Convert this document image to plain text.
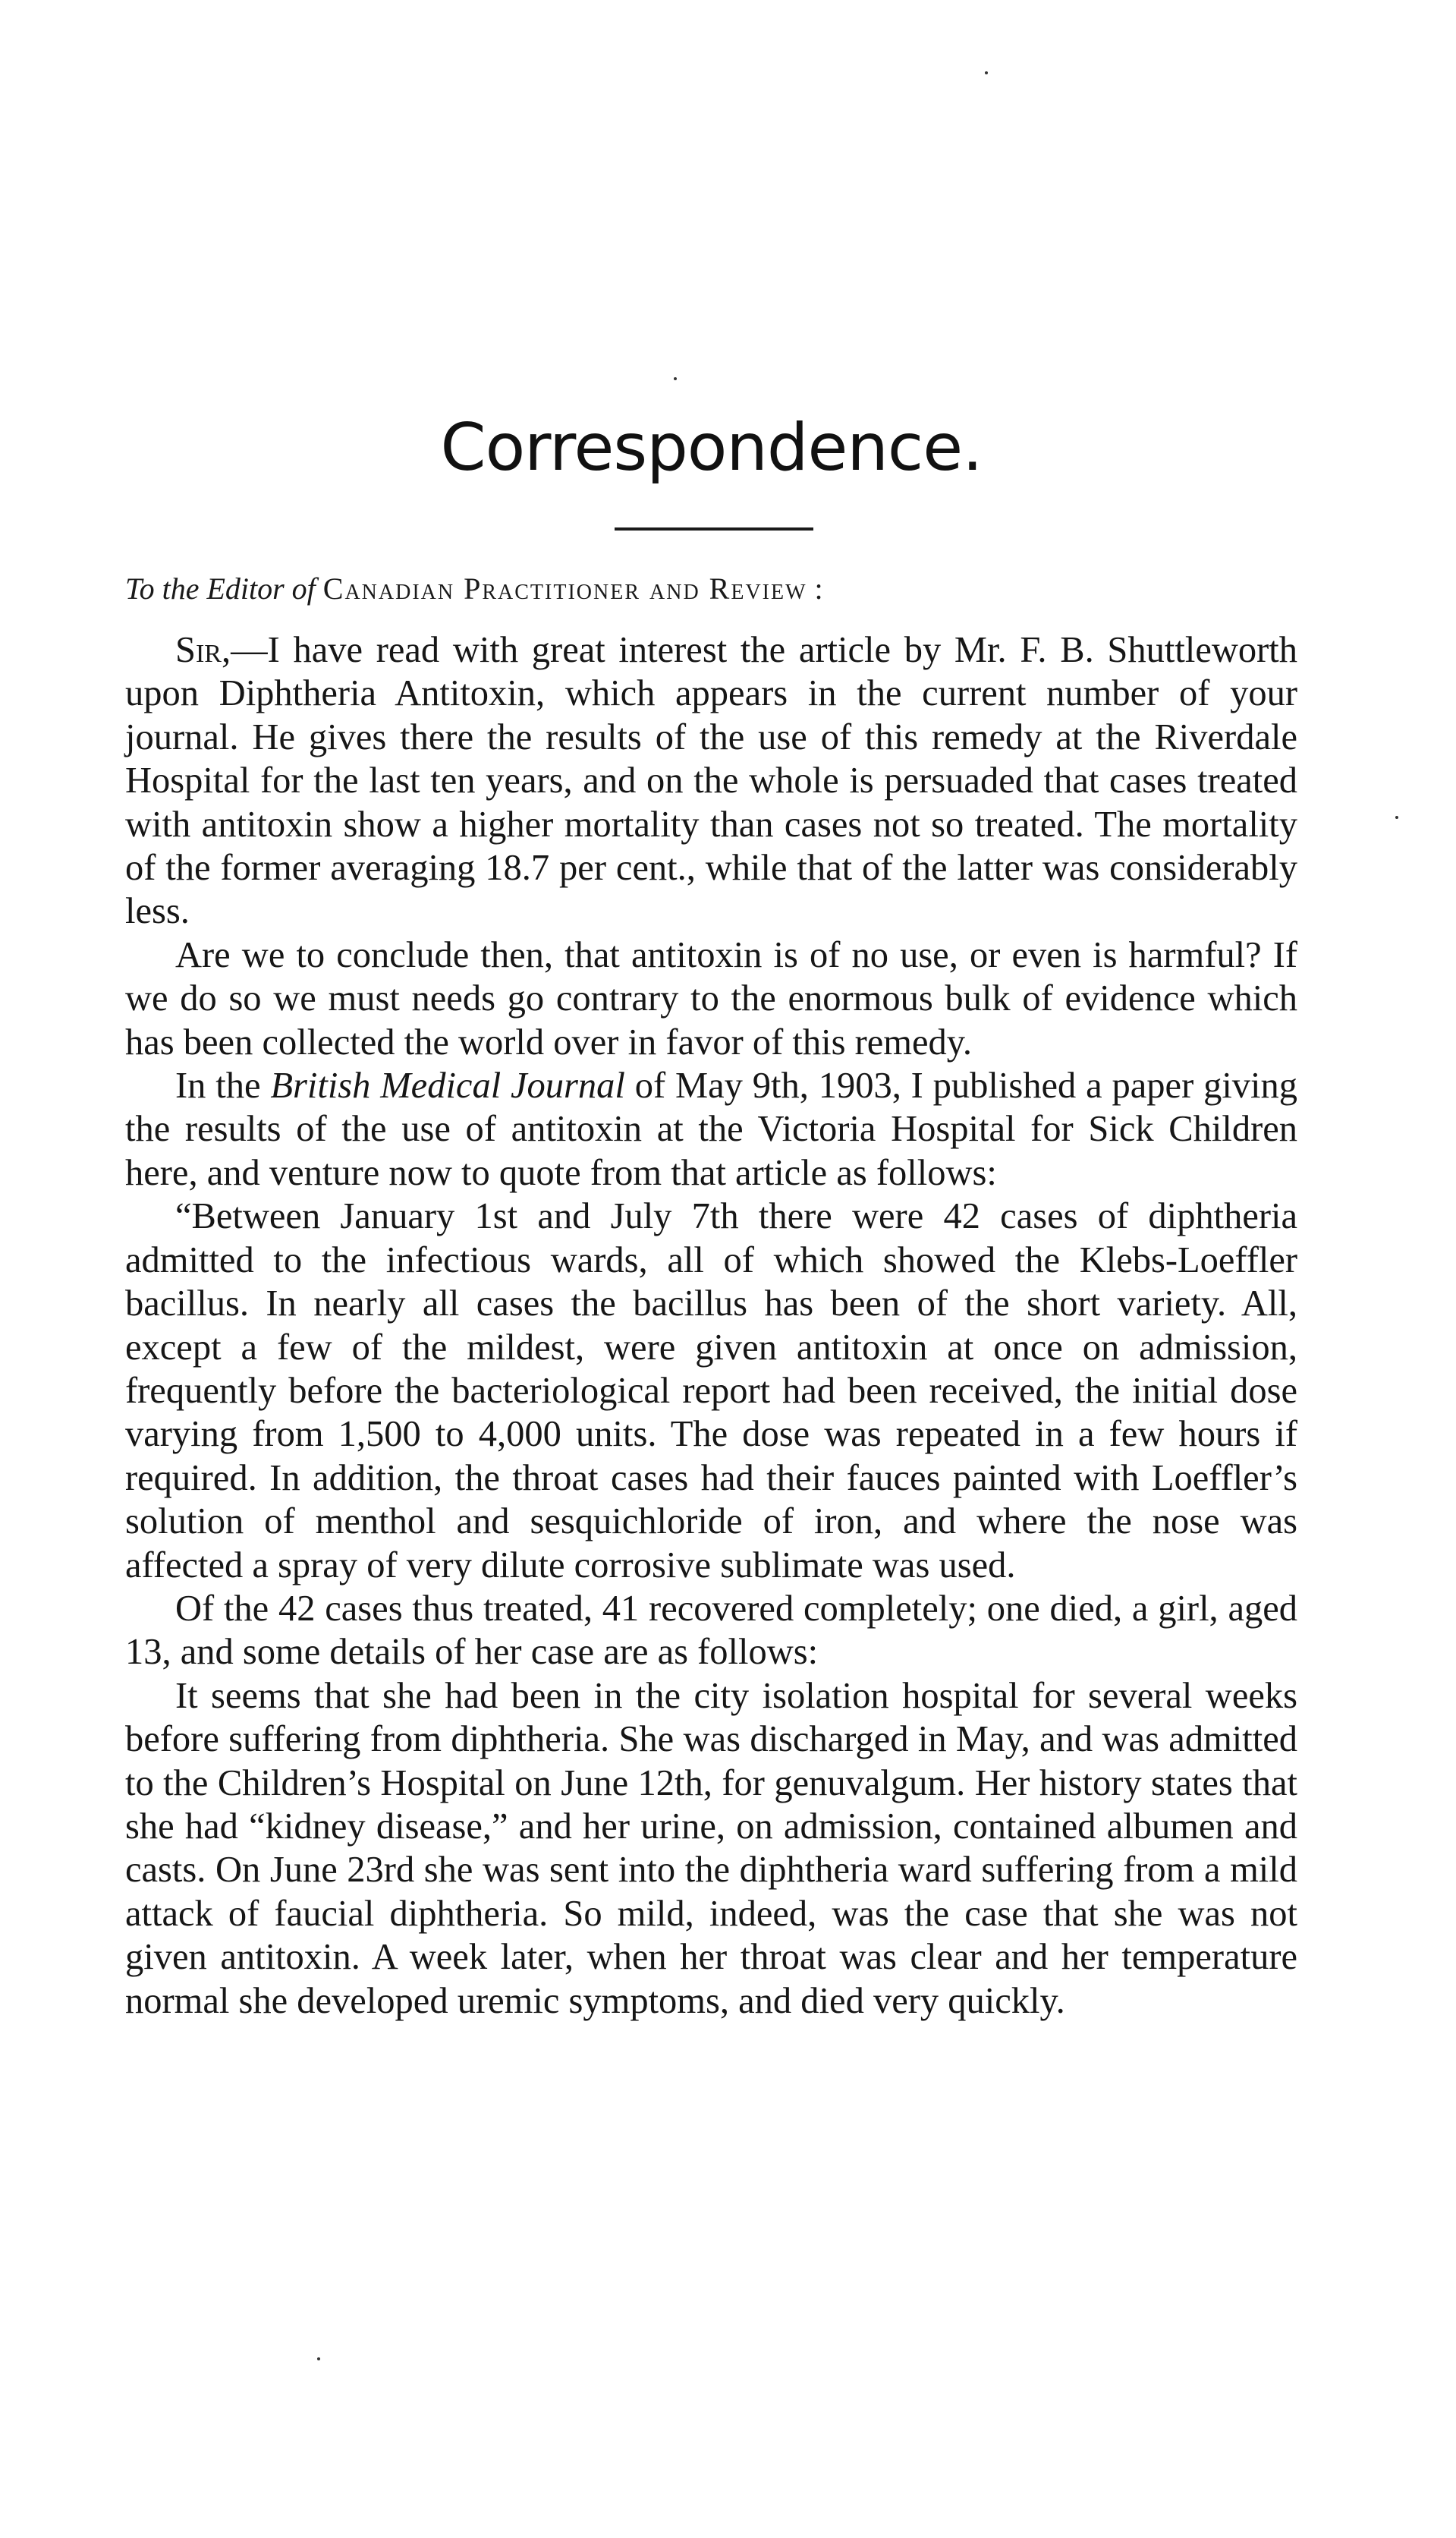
Correspondence.
To the Editor of Canadian Practitioner and Review :

Sir,—I have read with great interest the article by Mr. F. B. Shuttleworth upon Diphtheria Antitoxin, which appears in the current number of your journal. He gives there the results of the use of this remedy at the Riverdale Hospital for the last ten years, and on the whole is persuaded that cases treated with antitoxin show a higher mortality than cases not so treated. The mortality of the former averaging 18.7 per cent., while that of the latter was considerably less.

Are we to conclude then, that antitoxin is of no use, or even is harmful? If we do so we must needs go contrary to the enormous bulk of evidence which has been collected the world over in favor of this remedy.

In the British Medical Journal of May 9th, 1903, I published a paper giving the results of the use of antitoxin at the Victoria Hospital for Sick Children here, and venture now to quote from that article as follows:

“Between January 1st and July 7th there were 42 cases of diphtheria admitted to the infectious wards, all of which showed the Klebs-Loeffler bacillus. In nearly all cases the bacillus has been of the short variety. All, except a few of the mildest, were given antitoxin at once on admission, frequently before the bacteriological report had been received, the initial dose varying from 1,500 to 4,000 units. The dose was repeated in a few hours if required. In addition, the throat cases had their fauces painted with Loeffler’s solution of menthol and sesquichloride of iron, and where the nose was affected a spray of very dilute corrosive sublimate was used.

Of the 42 cases thus treated, 41 recovered completely; one died, a girl, aged 13, and some details of her case are as follows:

It seems that she had been in the city isolation hospital for several weeks before suffering from diphtheria. She was discharged in May, and was admitted to the Children’s Hospital on June 12th, for genuvalgum. Her history states that she had “kidney disease,” and her urine, on admission, contained albumen and casts. On June 23rd she was sent into the diphtheria ward suffering from a mild attack of faucial diphtheria. So mild, indeed, was the case that she was not given antitoxin. A week later, when her throat was clear and her temperature normal she developed uremic symptoms, and died very quickly.
